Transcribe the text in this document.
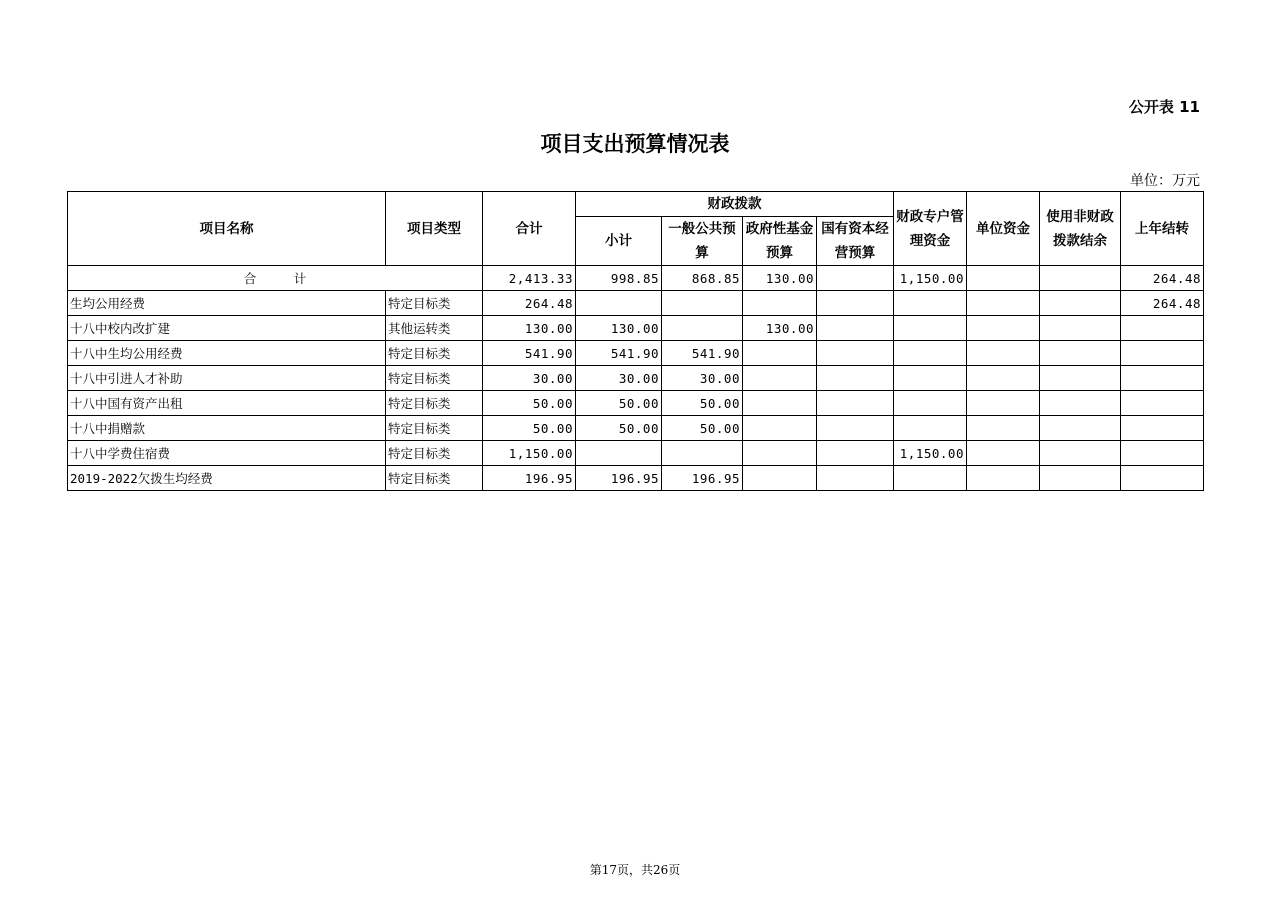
公开表 11
项目支出预算情况表
单位：万元
项目名称	项目类型	合计	财政拨款				财政专户管理资金	单位资金	使用非财政拨款结余	上年结转
			小计	一般公共预算	政府性基金预算	国有资本经营预算				

合 计		2,413.33	998.85	868.85	130.00		1,150.00			264.48
生均公用经费	特定目标类	264.48								264.48
十八中校内改扩建	其他运转类	130.00	130.00		130.00					
十八中生均公用经费	特定目标类	541.90	541.90	541.90						
十八中引进人才补助	特定目标类	30.00	30.00	30.00						
十八中国有资产出租	特定目标类	50.00	50.00	50.00						
十八中捐赠款	特定目标类	50.00	50.00	50.00						
十八中学费住宿费	特定目标类	1,150.00					1,150.00			
2019-2022欠拨生均经费	特定目标类	196.95	196.95	196.95						
第17页，共26页
